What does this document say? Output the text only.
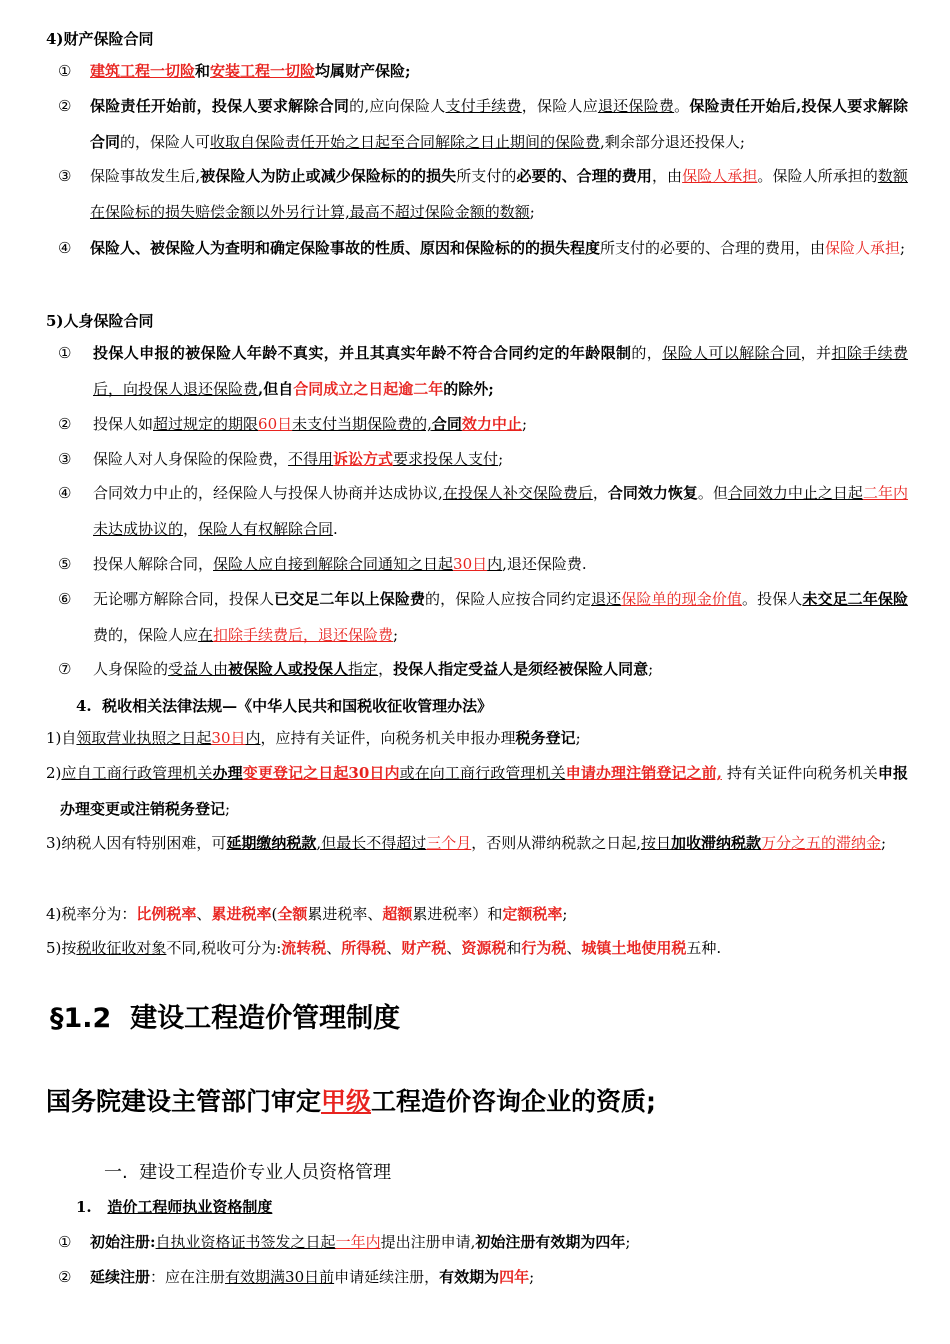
4)财产保险合同
①	建筑工程一切险和安装工程一切险均属财产保险;
②	保险责任开始前，投保人要求解除合同的,应向保险人支付手续费，保险人应退还保险费。保险责任开始后,投保人要求解除合同的，保险人可收取自保险责任开始之日起至合同解除之日止期间的保险费,剩余部分退还投保人;
③	保险事故发生后,被保险人为防止或减少保险标的的损失所支付的必要的、合理的费用，由保险人承担。保险人所承担的数额在保险标的损失赔偿金额以外另行计算,最高不超过保险金额的数额;
④	保险人、被保险人为查明和确定保险事故的性质、原因和保险标的的损失程度所支付的必要的、合理的费用，由保险人承担;
5)人身保险合同
①	投保人申报的被保险人年龄不真实，并且其真实年龄不符合合同约定的年龄限制的，保险人可以解除合同，并扣除手续费后，向投保人退还保险费,但自合同成立之日起逾二年的除外;
②	投保人如超过规定的期限60日未支付当期保险费的,合同效力中止;
③	保险人对人身保险的保险费，不得用诉讼方式要求投保人支付;
④	合同效力中止的，经保险人与投保人协商并达成协议,在投保人补交保险费后，合同效力恢复。但合同效力中止之日起二年内未达成协议的，保险人有权解除合同.
⑤	投保人解除合同，保险人应自接到解除合同通知之日起30日内,退还保险费.
⑥	无论哪方解除合同，投保人已交足二年以上保险费的，保险人应按合同约定退还保险单的现金价值。投保人未交足二年保险费的，保险人应在扣除手续费后，退还保险费;
⑦	人身保险的受益人由被保险人或投保人指定，投保人指定受益人是须经被保险人同意;
4. 税收相关法律法规—《中华人民共和国税收征收管理办法》
1)自领取营业执照之日起30日内，应持有关证件，向税务机关申报办理税务登记;
2)应自工商行政管理机关办理变更登记之日起30日内或在向工商行政管理机关申请办理注销登记之前, 持有关证件向税务机关申报办理变更或注销税务登记;
3)纳税人因有特别困难，可延期缴纳税款,但最长不得超过三个月，否则从滞纳税款之日起,按日加收滞纳税款万分之五的滞纳金;
4)税率分为：比例税率、累进税率(全额累进税率、超额累进税率）和定额税率;
5)按税收征收对象不同,税收可分为:流转税、所得税、财产税、资源税和行为税、城镇土地使用税五种.
§1.2 建设工程造价管理制度
国务院建设主管部门审定甲级工程造价咨询企业的资质;
一. 建设工程造价专业人员资格管理
1. 造价工程师执业资格制度
①	初始注册:自执业资格证书签发之日起一年内提出注册申请,初始注册有效期为四年;
②	延续注册：应在注册有效期满30日前申请延续注册，有效期为四年;
